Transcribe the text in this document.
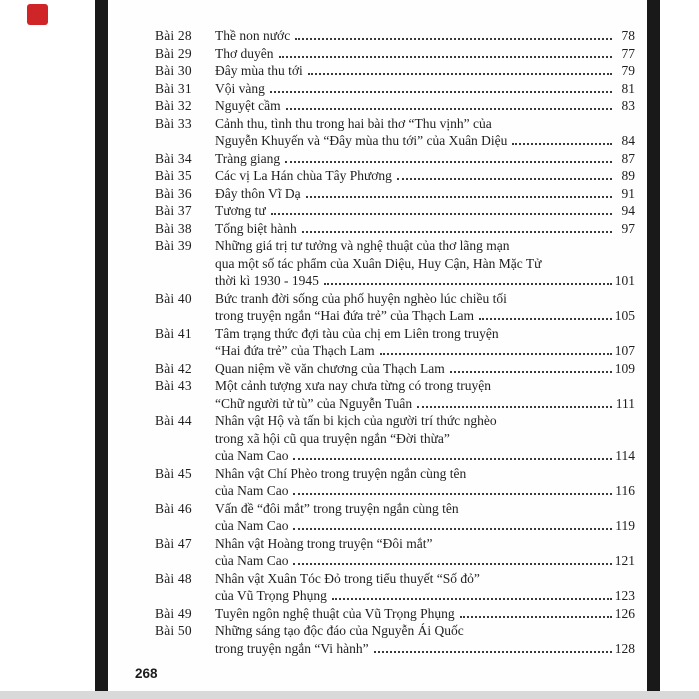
Bài 28	Thề non nước	78
Bài 29	Thơ duyên	77
Bài 30	Đây mùa thu tới	79
Bài 31	Vội vàng	81
Bài 32	Nguyệt cầm	83
Bài 33	Cảnh thu, tình thu trong hai bài thơ “Thu vịnh” của
Nguyễn Khuyến và “Đây mùa thu tới” của Xuân Diệu	84
Bài 34	Tràng giang	87
Bài 35	Các vị La Hán chùa Tây Phương	89
Bài 36	Đây thôn Vĩ Dạ	91
Bài 37	Tương tư	94
Bài 38	Tống biệt hành	97
Bài 39	Những giá trị tư tưởng và nghệ thuật của thơ lãng mạn
qua một số tác phẩm của Xuân Diệu, Huy Cận, Hàn Mặc Tử
thời kì 1930 - 1945	101
Bài 40	Bức tranh đời sống của phố huyện nghèo lúc chiều tối
trong truyện ngắn “Hai đứa trẻ” của Thạch Lam	105
Bài 41	Tâm trạng thức đợi tàu của chị em Liên trong truyện
“Hai đứa trẻ” của Thạch Lam	107
Bài 42	Quan niệm về văn chương của Thạch Lam	109
Bài 43	Một cảnh tượng xưa nay chưa từng có trong truyện
“Chữ người tử tù” của Nguyễn Tuân	111
Bài 44	Nhân vật Hộ và tấn bi kịch của người trí thức nghèo
trong xã hội cũ qua truyện ngắn “Đời thừa”
của Nam Cao	114
Bài 45	Nhân vật Chí Phèo trong truyện ngắn cùng tên
của Nam Cao	116
Bài 46	Vấn đề “đôi mắt” trong truyện ngắn cùng tên
của Nam Cao	119
Bài 47	Nhân vật Hoàng trong truyện “Đôi mắt”
của Nam Cao	121
Bài 48	Nhân vật Xuân Tóc Đỏ trong tiểu thuyết “Số đỏ”
của Vũ Trọng Phụng	123
Bài 49	Tuyên ngôn nghệ thuật của Vũ Trọng Phụng	126
Bài 50	Những sáng tạo độc đáo của Nguyễn Ái Quốc
trong truyện ngắn “Vi hành”	128
268
